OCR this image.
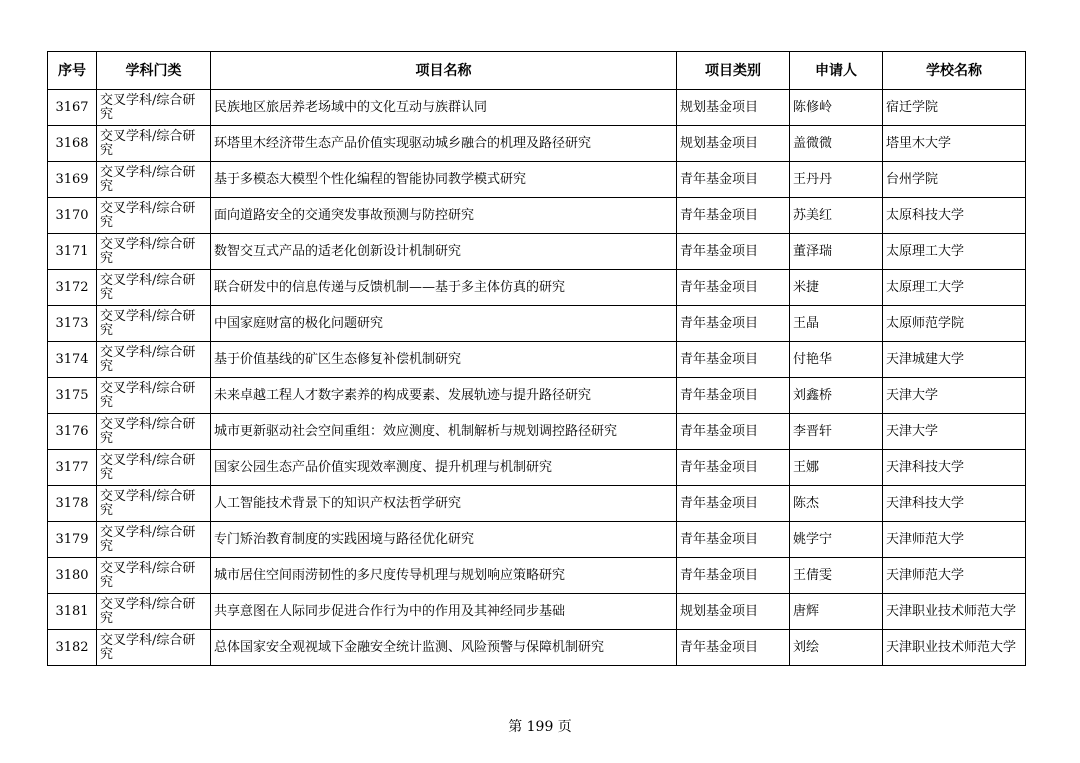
序号	学科门类	项目名称	项目类别	申请人	学校名称
3167	交叉学科/综合研究	民族地区旅居养老场域中的文化互动与族群认同	规划基金项目	陈修岭	宿迁学院
3168	交叉学科/综合研究	环塔里木经济带生态产品价值实现驱动城乡融合的机理及路径研究	规划基金项目	盖微微	塔里木大学
3169	交叉学科/综合研究	基于多模态大模型个性化编程的智能协同教学模式研究	青年基金项目	王丹丹	台州学院
3170	交叉学科/综合研究	面向道路安全的交通突发事故预测与防控研究	青年基金项目	苏美红	太原科技大学
3171	交叉学科/综合研究	数智交互式产品的适老化创新设计机制研究	青年基金项目	董泽瑞	太原理工大学
3172	交叉学科/综合研究	联合研发中的信息传递与反馈机制——基于多主体仿真的研究	青年基金项目	米捷	太原理工大学
3173	交叉学科/综合研究	中国家庭财富的极化问题研究	青年基金项目	王晶	太原师范学院
3174	交叉学科/综合研究	基于价值基线的矿区生态修复补偿机制研究	青年基金项目	付艳华	天津城建大学
3175	交叉学科/综合研究	未来卓越工程人才数字素养的构成要素、发展轨迹与提升路径研究	青年基金项目	刘鑫桥	天津大学
3176	交叉学科/综合研究	城市更新驱动社会空间重组：效应测度、机制解析与规划调控路径研究	青年基金项目	李晋轩	天津大学
3177	交叉学科/综合研究	国家公园生态产品价值实现效率测度、提升机理与机制研究	青年基金项目	王娜	天津科技大学
3178	交叉学科/综合研究	人工智能技术背景下的知识产权法哲学研究	青年基金项目	陈杰	天津科技大学
3179	交叉学科/综合研究	专门矫治教育制度的实践困境与路径优化研究	青年基金项目	姚学宁	天津师范大学
3180	交叉学科/综合研究	城市居住空间雨涝韧性的多尺度传导机理与规划响应策略研究	青年基金项目	王倩雯	天津师范大学
3181	交叉学科/综合研究	共享意图在人际同步促进合作行为中的作用及其神经同步基础	规划基金项目	唐辉	天津职业技术师范大学
3182	交叉学科/综合研究	总体国家安全观视域下金融安全统计监测、风险预警与保障机制研究	青年基金项目	刘绘	天津职业技术师范大学
第 199 页
